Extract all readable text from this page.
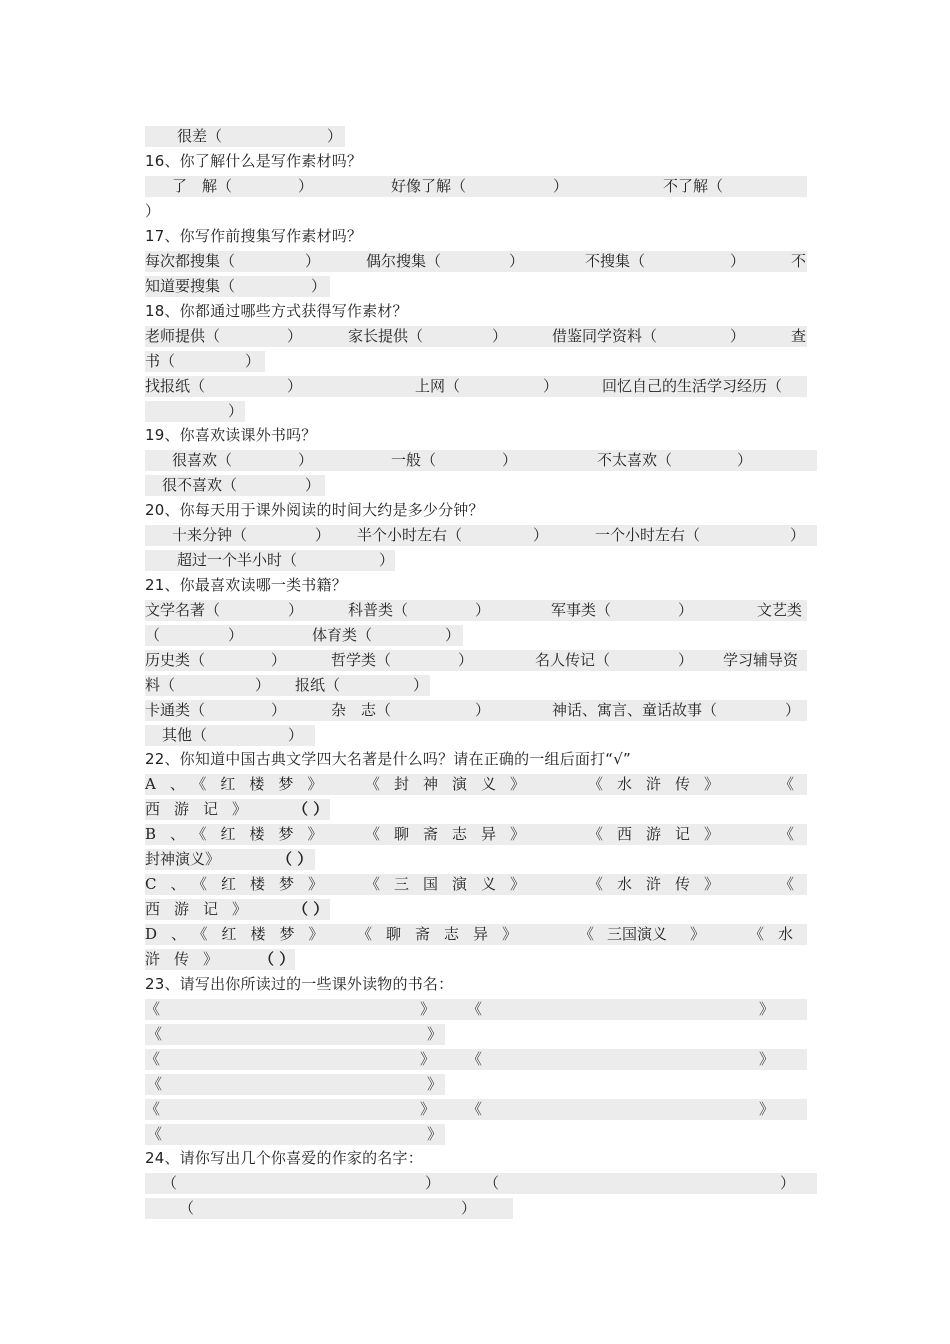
很差（	）
16、你了解什么是写作素材吗？
了　解（	）	好像了解（	）	不了解（
）
17、你写作前搜集写作素材吗？
每次都搜集（	）	偶尔搜集（	）	不搜集（	）	不
知道要搜集（	）
18、你都通过哪些方式获得写作素材？
老师提供（	）	家长提供（	）	借鉴同学资料（	）	查
书（	）
找报纸（	）	上网（	）	回忆自己的生活学习经历（
）
19、你喜欢读课外书吗？
很喜欢（	）	一般（	）	不太喜欢（	）
很不喜欢（	）
20、你每天用于课外阅读的时间大约是多少分钟？
十来分钟（	） 半个小时左右（	）	一个小时左右（	）
超过一个半小时（	）
21、你最喜欢读哪一类书籍？
文学名著（	）	科普类（	）	军事类（	）	文艺类
（	）	体育类（	）
历史类（	）	哲学类（	）	名人传记（	） 学习辅导资
料（	） 报纸（	）
卡通类（	）	杂　志（	）	神话、寓言、童话故事（	）
其他（	）
22、你知道中国古典文学四大名著是什么吗？请在正确的一组后面打“√”
A、《红楼梦》 《封神演义》	《水浒传》	《
西游记》 （ ）
B、《红楼梦》 《聊斋志异》	《西游记》	《
封神演义》	（ ）
C、《红楼梦》 《三国演义》	《水浒传》	《
西游记》 （ ）
D、《红楼梦》 《聊斋志异》	《 三国演义 》	《水
浒传》 （ ）
23、请写出你所读过的一些课外读物的书名：
《	》 《	》
《	》
《	》 《	》
《	》
《	》 《	》
《	》
24、请你写出几个你喜爱的作家的名字：
（	）	（	）
（	）
